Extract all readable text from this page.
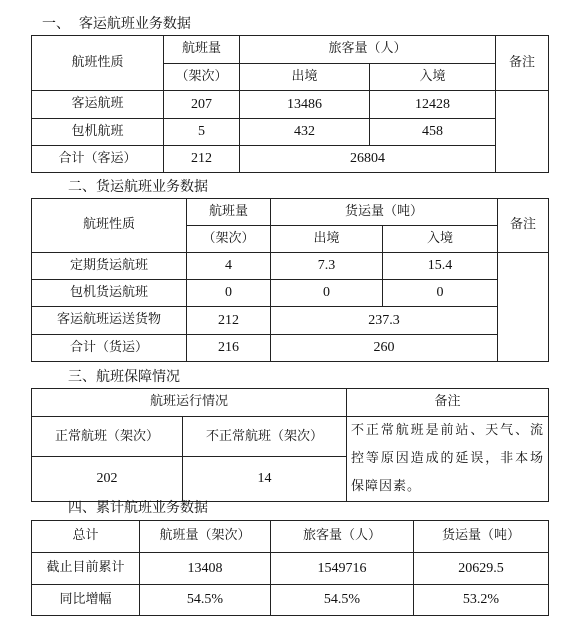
一、  客运航班业务数据
航班性质	航班量	旅客量（人）		备注
	（架次）	出境	入境	
客运航班	207	13486	12428	
包机航班	5	432	458	
合计（客运）	212	26804		
二、货运航班业务数据
航班性质	航班量	货运量（吨）		备注
	（架次）	出境	入境	
定期货运航班	4	7.3	15.4	
包机货运航班	0	0	0	
客运航班运送货物	212	237.3		
合计（货运）	216	260		
三、航班保障情况
航班运行情况		备注
正常航班（架次）	不正常航班（架次）	不正常航班是前站、天气、流控等原因造成的延误，非本场保障因素。
202	14	
四、累计航班业务数据
总计	航班量（架次）	旅客量（人）	货运量（吨）
截止目前累计	13408	1549716	20629.5
同比增幅	54.5%	54.5%	53.2%
